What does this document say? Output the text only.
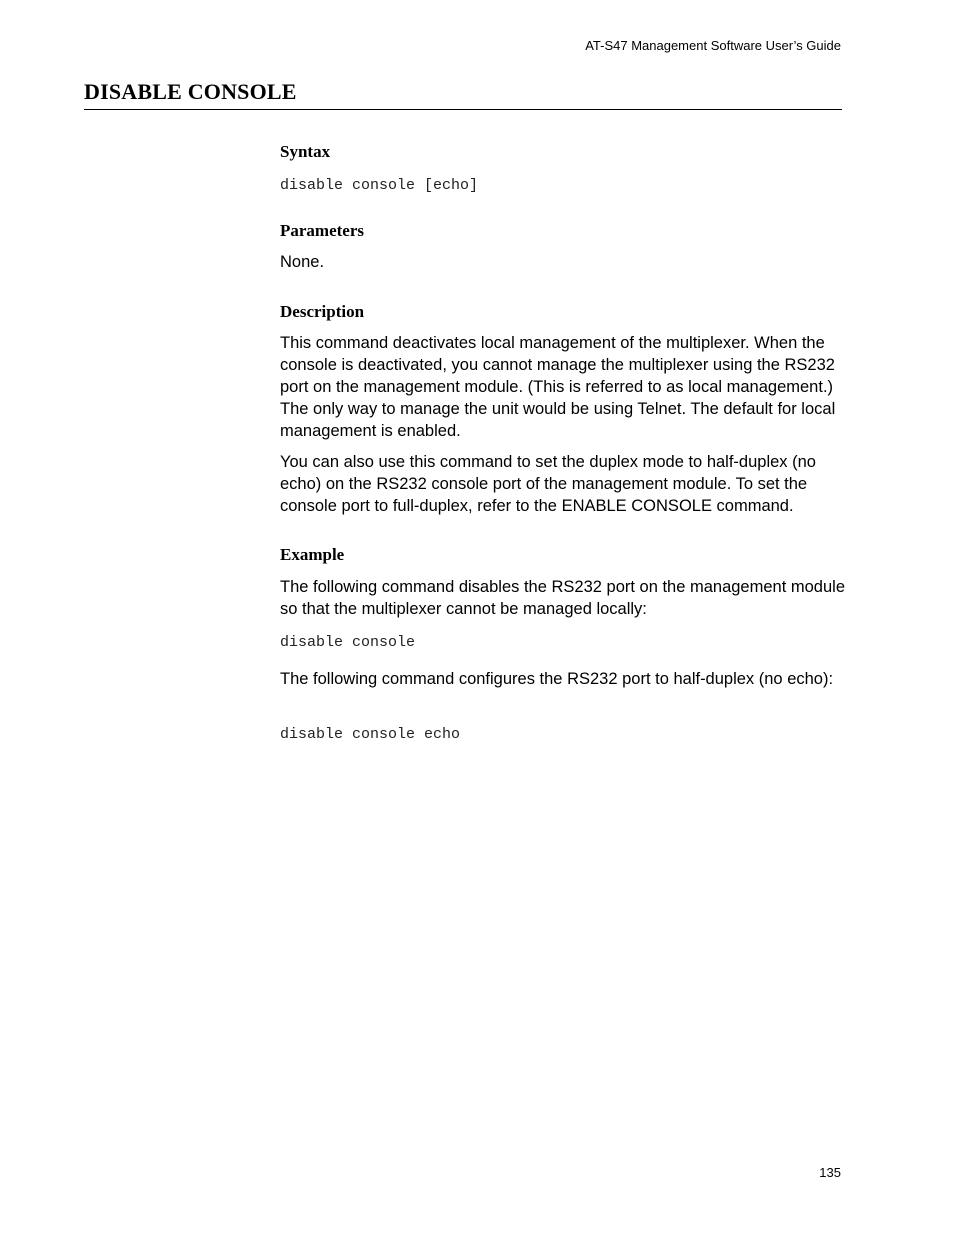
AT-S47 Management Software User’s Guide
DISABLE CONSOLE
Syntax
disable console [echo]
Parameters

None.

Description

This command deactivates local management of the multiplexer. When the console is deactivated, you cannot manage the multiplexer using the RS232 port on the management module. (This is referred to as local management.) The only way to manage the unit would be using Telnet. The default for local management is enabled.

You can also use this command to set the duplex mode to half-duplex (no echo) on the RS232 console port of the management module. To set the console port to full-duplex, refer to the ENABLE CONSOLE command.

Example

The following command disables the RS232 port on the management module so that the multiplexer cannot be managed locally:

disable console

The following command configures the RS232 port to half-duplex (no echo):

disable console echo
135
